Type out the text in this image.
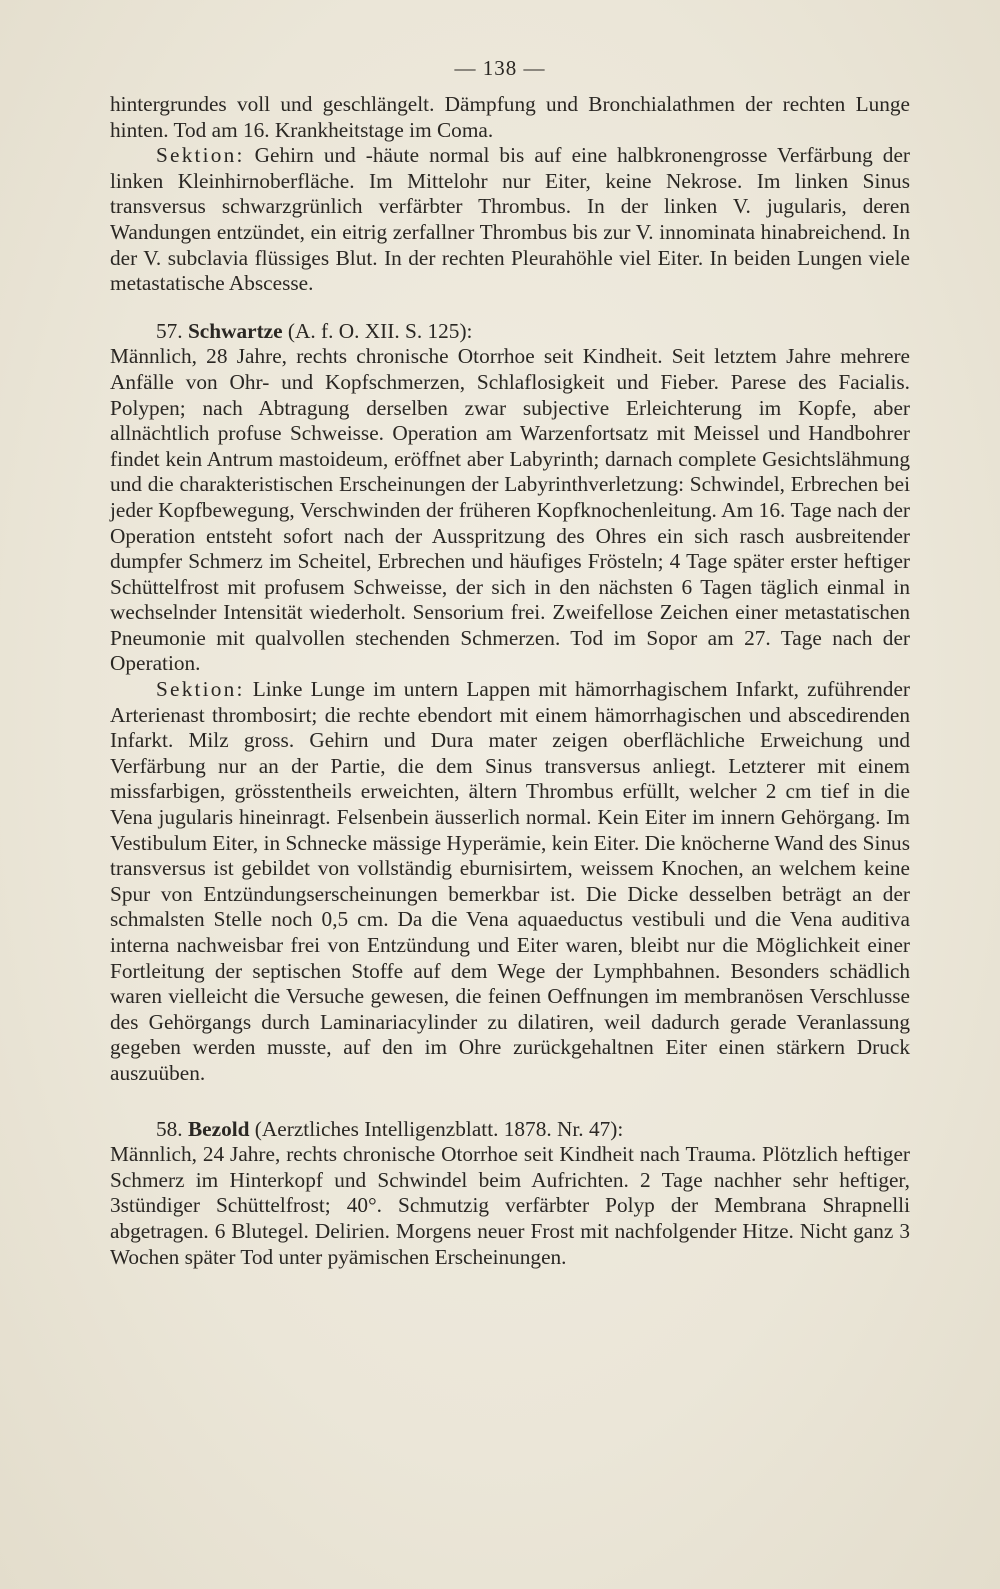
— 138 —

hintergrundes voll und geschlängelt. Dämpfung und Bronchialathmen der rechten Lunge hinten. Tod am 16. Krankheitstage im Coma.

Sektion: Gehirn und -häute normal bis auf eine halbkronengrosse Verfärbung der linken Kleinhirnoberfläche. Im Mittelohr nur Eiter, keine Nekrose. Im linken Sinus transversus schwarzgrünlich verfärbter Thrombus. In der linken V. jugularis, deren Wandungen entzündet, ein eitrig zerfallner Thrombus bis zur V. innominata hinabreichend. In der V. subclavia flüssiges Blut. In der rechten Pleurahöhle viel Eiter. In beiden Lungen viele metastatische Abscesse.

57. Schwartze (A. f. O. XII. S. 125):

Männlich, 28 Jahre, rechts chronische Otorrhoe seit Kindheit. Seit letztem Jahre mehrere Anfälle von Ohr- und Kopfschmerzen, Schlaflosigkeit und Fieber. Parese des Facialis. Polypen; nach Abtragung derselben zwar subjective Erleichterung im Kopfe, aber allnächtlich profuse Schweisse. Operation am Warzenfortsatz mit Meissel und Handbohrer findet kein Antrum mastoideum, eröffnet aber Labyrinth; darnach complete Gesichtslähmung und die charakteristischen Erscheinungen der Labyrinthverletzung: Schwindel, Erbrechen bei jeder Kopfbewegung, Verschwinden der früheren Kopfknochenleitung. Am 16. Tage nach der Operation entsteht sofort nach der Ausspritzung des Ohres ein sich rasch ausbreitender dumpfer Schmerz im Scheitel, Erbrechen und häufiges Frösteln; 4 Tage später erster heftiger Schüttelfrost mit profusem Schweisse, der sich in den nächsten 6 Tagen täglich einmal in wechselnder Intensität wiederholt. Sensorium frei. Zweifellose Zeichen einer metastatischen Pneumonie mit qualvollen stechenden Schmerzen. Tod im Sopor am 27. Tage nach der Operation.

Sektion: Linke Lunge im untern Lappen mit hämorrhagischem Infarkt, zuführender Arterienast thrombosirt; die rechte ebendort mit einem hämorrhagischen und abscedirenden Infarkt. Milz gross. Gehirn und Dura mater zeigen oberflächliche Erweichung und Verfärbung nur an der Partie, die dem Sinus transversus anliegt. Letzterer mit einem missfarbigen, grösstentheils erweichten, ältern Thrombus erfüllt, welcher 2 cm tief in die Vena jugularis hineinragt. Felsenbein äusserlich normal. Kein Eiter im innern Gehörgang. Im Vestibulum Eiter, in Schnecke mässige Hyperämie, kein Eiter. Die knöcherne Wand des Sinus transversus ist gebildet von vollständig eburnisirtem, weissem Knochen, an welchem keine Spur von Entzündungserscheinungen bemerkbar ist. Die Dicke desselben beträgt an der schmalsten Stelle noch 0,5 cm. Da die Vena aquaeductus vestibuli und die Vena auditiva interna nachweisbar frei von Entzündung und Eiter waren, bleibt nur die Möglichkeit einer Fortleitung der septischen Stoffe auf dem Wege der Lymphbahnen. Besonders schädlich waren vielleicht die Versuche gewesen, die feinen Oeffnungen im membranösen Verschlusse des Gehörgangs durch Laminariacylinder zu dilatiren, weil dadurch gerade Veranlassung gegeben werden musste, auf den im Ohre zurückgehaltnen Eiter einen stärkern Druck auszuüben.

58. Bezold (Aerztliches Intelligenzblatt. 1878. Nr. 47):

Männlich, 24 Jahre, rechts chronische Otorrhoe seit Kindheit nach Trauma. Plötzlich heftiger Schmerz im Hinterkopf und Schwindel beim Aufrichten. 2 Tage nachher sehr heftiger, 3stündiger Schüttelfrost; 40°. Schmutzig verfärbter Polyp der Membrana Shrapnelli abgetragen. 6 Blutegel. Delirien. Morgens neuer Frost mit nachfolgender Hitze. Nicht ganz 3 Wochen später Tod unter pyämischen Erscheinungen.
